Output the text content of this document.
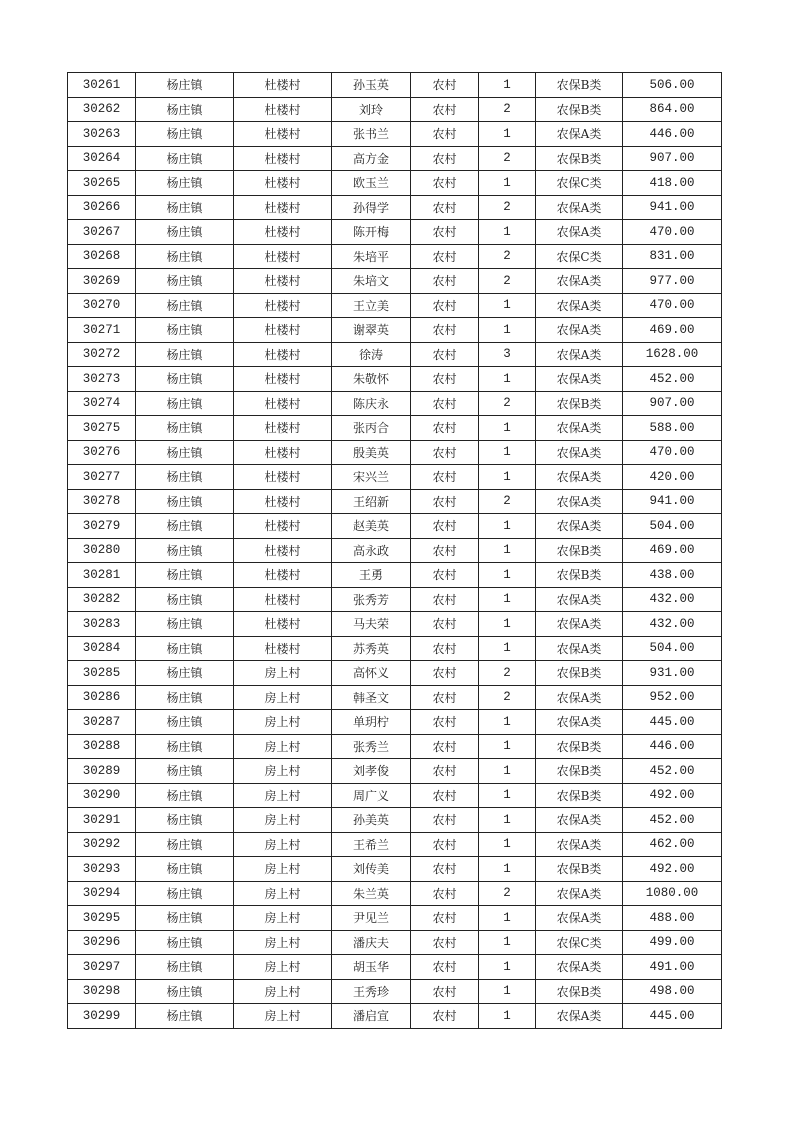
30261	杨庄镇	杜楼村	孙玉英	农村	1	农保B类	506.00
30262	杨庄镇	杜楼村	刘玲	农村	2	农保B类	864.00
30263	杨庄镇	杜楼村	张书兰	农村	1	农保A类	446.00
30264	杨庄镇	杜楼村	高方金	农村	2	农保B类	907.00
30265	杨庄镇	杜楼村	欧玉兰	农村	1	农保C类	418.00
30266	杨庄镇	杜楼村	孙得学	农村	2	农保A类	941.00
30267	杨庄镇	杜楼村	陈开梅	农村	1	农保A类	470.00
30268	杨庄镇	杜楼村	朱培平	农村	2	农保C类	831.00
30269	杨庄镇	杜楼村	朱培文	农村	2	农保A类	977.00
30270	杨庄镇	杜楼村	王立美	农村	1	农保A类	470.00
30271	杨庄镇	杜楼村	谢翠英	农村	1	农保A类	469.00
30272	杨庄镇	杜楼村	徐涛	农村	3	农保A类	1628.00
30273	杨庄镇	杜楼村	朱敬怀	农村	1	农保A类	452.00
30274	杨庄镇	杜楼村	陈庆永	农村	2	农保B类	907.00
30275	杨庄镇	杜楼村	张丙合	农村	1	农保A类	588.00
30276	杨庄镇	杜楼村	殷美英	农村	1	农保A类	470.00
30277	杨庄镇	杜楼村	宋兴兰	农村	1	农保A类	420.00
30278	杨庄镇	杜楼村	王绍新	农村	2	农保A类	941.00
30279	杨庄镇	杜楼村	赵美英	农村	1	农保A类	504.00
30280	杨庄镇	杜楼村	高永政	农村	1	农保B类	469.00
30281	杨庄镇	杜楼村	王勇	农村	1	农保B类	438.00
30282	杨庄镇	杜楼村	张秀芳	农村	1	农保A类	432.00
30283	杨庄镇	杜楼村	马夫荣	农村	1	农保A类	432.00
30284	杨庄镇	杜楼村	苏秀英	农村	1	农保A类	504.00
30285	杨庄镇	房上村	高怀义	农村	2	农保B类	931.00
30286	杨庄镇	房上村	韩圣文	农村	2	农保A类	952.00
30287	杨庄镇	房上村	单玥柠	农村	1	农保A类	445.00
30288	杨庄镇	房上村	张秀兰	农村	1	农保B类	446.00
30289	杨庄镇	房上村	刘孝俊	农村	1	农保B类	452.00
30290	杨庄镇	房上村	周广义	农村	1	农保B类	492.00
30291	杨庄镇	房上村	孙美英	农村	1	农保A类	452.00
30292	杨庄镇	房上村	王希兰	农村	1	农保A类	462.00
30293	杨庄镇	房上村	刘传美	农村	1	农保B类	492.00
30294	杨庄镇	房上村	朱兰英	农村	2	农保A类	1080.00
30295	杨庄镇	房上村	尹见兰	农村	1	农保A类	488.00
30296	杨庄镇	房上村	潘庆夫	农村	1	农保C类	499.00
30297	杨庄镇	房上村	胡玉华	农村	1	农保A类	491.00
30298	杨庄镇	房上村	王秀珍	农村	1	农保B类	498.00
30299	杨庄镇	房上村	潘启宣	农村	1	农保A类	445.00
